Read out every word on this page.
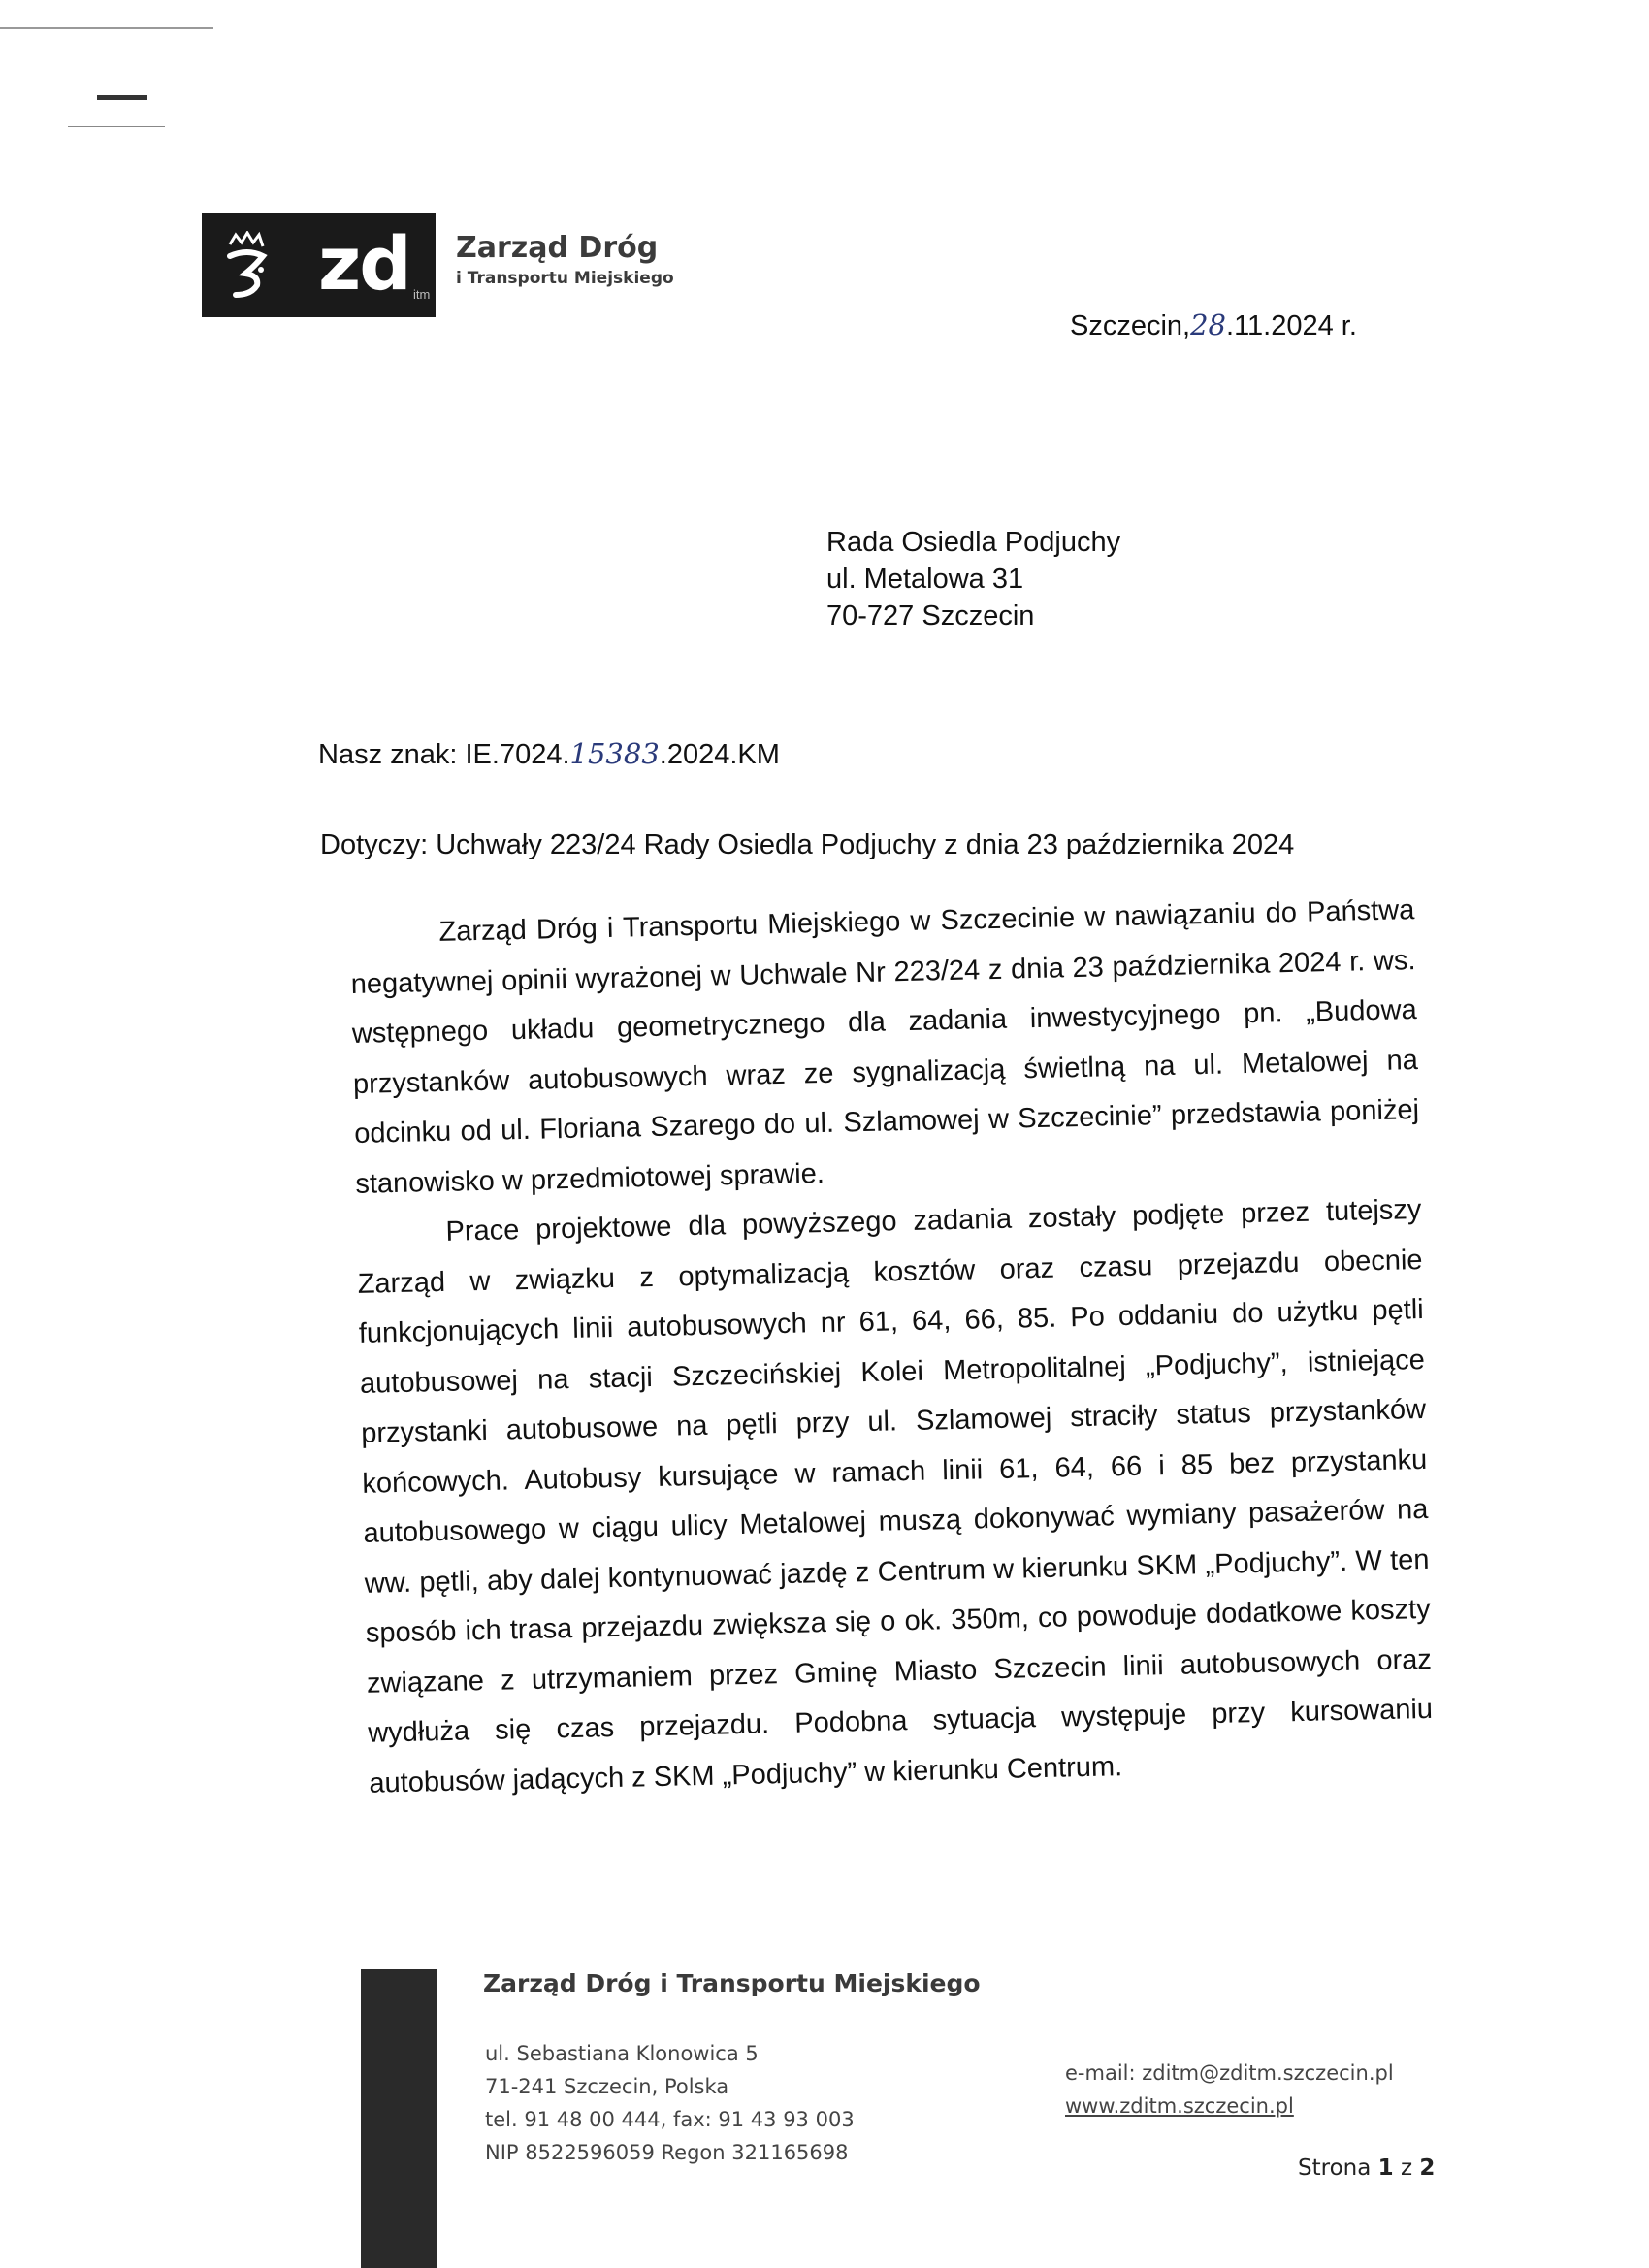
zd itm
Zarząd Dróg
i Transportu Miejskiego
Szczecin,28.11.2024 r.
Rada Osiedla Podjuchy
ul. Metalowa 31
70-727 Szczecin
Nasz znak: IE.7024.15383.2024.KM
Dotyczy: Uchwały 223/24 Rady Osiedla Podjuchy z dnia 23 października 2024

Zarząd Dróg i Transportu Miejskiego w Szczecinie w nawiązaniu do Państwa negatywnej opinii wyrażonej w Uchwale Nr 223/24 z dnia 23 października 2024 r. ws. wstępnego układu geometrycznego dla zadania inwestycyjnego pn. „Budowa przystanków autobusowych wraz ze sygnalizacją świetlną na ul. Metalowej na odcinku od ul. Floriana Szarego do ul. Szlamowej w Szczecinie” przedstawia poniżej stanowisko w przedmiotowej sprawie.

Prace projektowe dla powyższego zadania zostały podjęte przez tutejszy Zarząd w związku z optymalizacją kosztów oraz czasu przejazdu obecnie funkcjonujących linii autobusowych nr 61, 64, 66, 85. Po oddaniu do użytku pętli autobusowej na stacji Szczecińskiej Kolei Metropolitalnej „Podjuchy”, istniejące przystanki autobusowe na pętli przy ul. Szlamowej straciły status przystanków końcowych. Autobusy kursujące w ramach linii 61, 64, 66 i 85 bez przystanku autobusowego w ciągu ulicy Metalowej muszą dokonywać wymiany pasażerów na ww. pętli, aby dalej kontynuować jazdę z Centrum w kierunku SKM „Podjuchy”. W ten sposób ich trasa przejazdu zwiększa się o ok. 350m, co powoduje dodatkowe koszty związane z utrzymaniem przez Gminę Miasto Szczecin linii autobusowych oraz wydłuża się czas przejazdu. Podobna sytuacja występuje przy kursowaniu autobusów jadących z SKM „Podjuchy” w kierunku Centrum.

Zarząd Dróg i Transportu Miejskiego
ul. Sebastiana Klonowica 5
71-241 Szczecin, Polska
tel. 91 48 00 444, fax: 91 43 93 003
NIP 8522596059 Regon 321165698
e-mail: zditm@zditm.szczecin.pl
www.zditm.szczecin.pl
Strona 1 z 2
